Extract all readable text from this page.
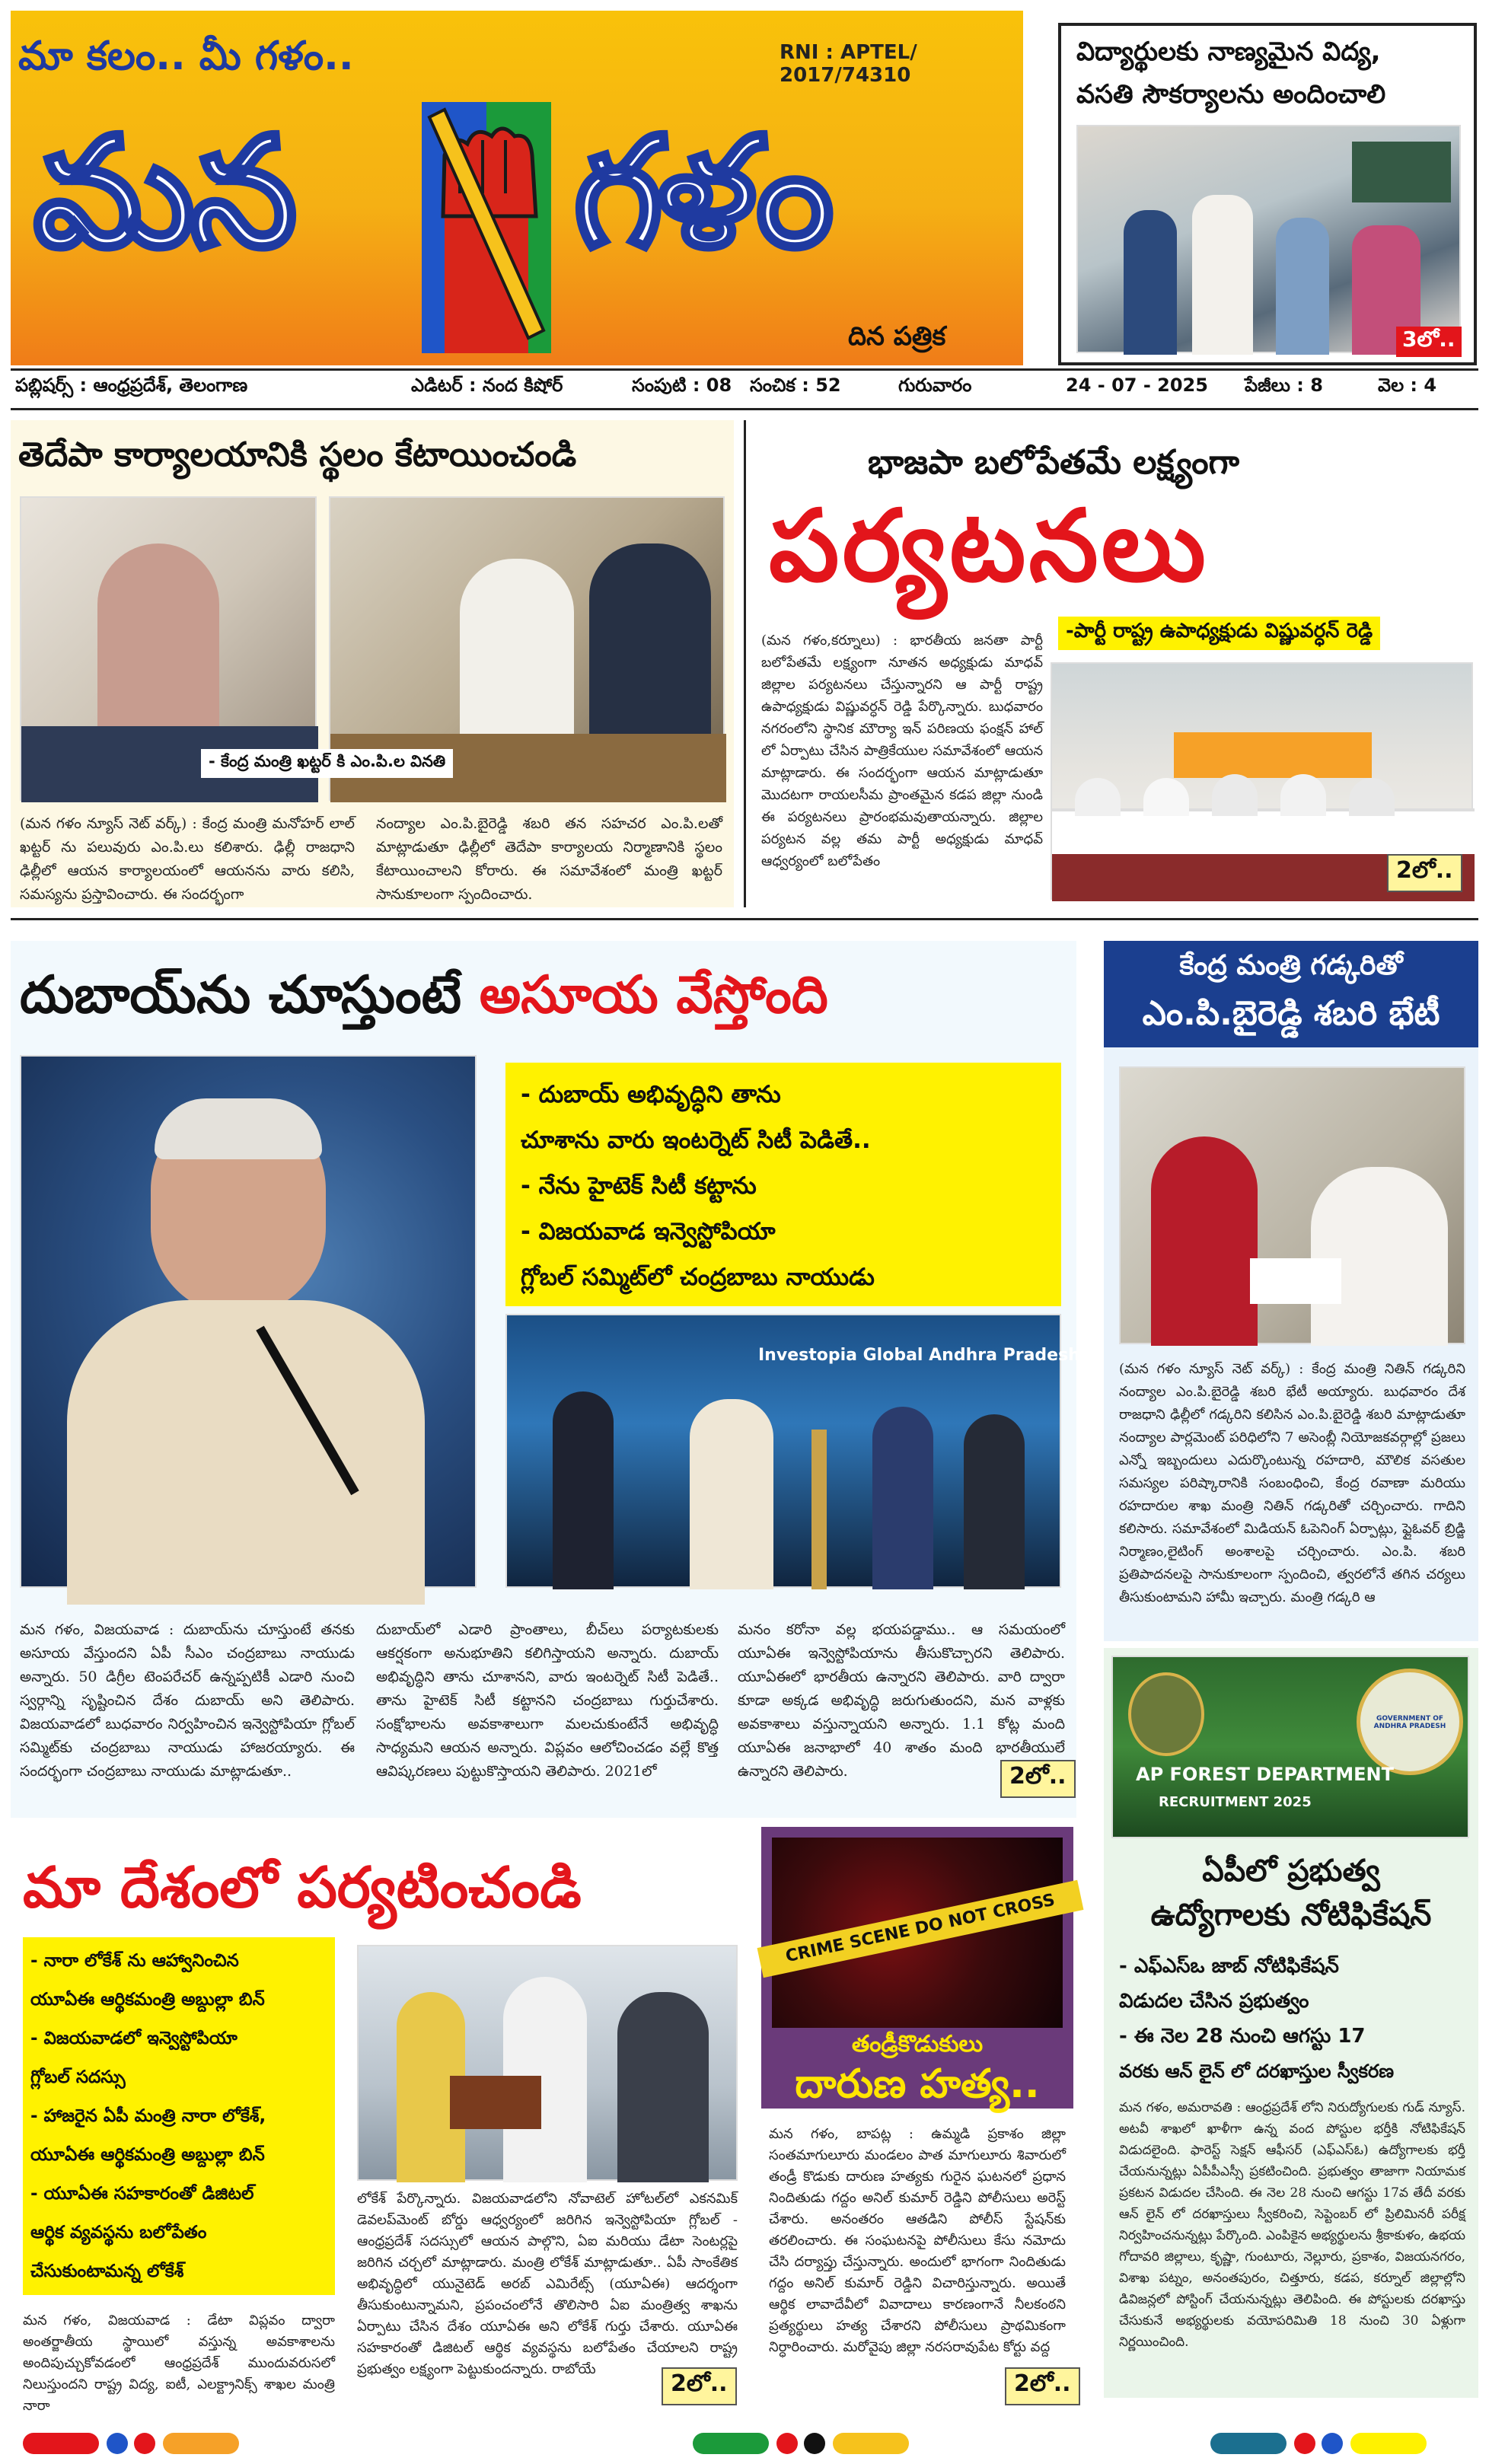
మా కలం.. మీ గళం..	RNI : APTEL/ 2017/74310
మన గళం
దిన పత్రిక
విద్యార్థులకు నాణ్యమైన విద్య,
వసతి సౌకర్యాలను అందించాలి
3లో..
పబ్లిషర్స్ : ఆంధ్రప్రదేశ్, తెలంగాణ	ఎడిటర్ : నంద కిషోర్	సంపుటి : 08 సంచిక : 52	గురువారం	24 - 07 - 2025 పేజీలు : 8	వెల : 4
తెదేపా కార్యాలయానికి స్థలం కేటాయించండి
- కేంద్ర మంత్రి ఖట్టర్ కి ఎం.పి.ల వినతి
(మన గళం న్యూస్ నెట్ వర్క్) : కేంద్ర మంత్రి మనోహర్ లాల్ ఖట్టర్ ను పలువురు ఎం.పి.లు కలిశారు. ఢిల్లీ రాజధాని ఢిల్లీలో ఆయన కార్యాలయంలో ఆయనను వారు కలిసి, సమస్యను ప్రస్తావించారు. ఈ సందర్భంగా
నంద్యాల ఎం.పి.బైరెడ్డి శబరి తన సహచర ఎం.పి.లతో మాట్లాడుతూ ఢిల్లీలో తెదేపా కార్యాలయ నిర్మాణానికి స్థలం కేటాయించాలని కోరారు. ఈ సమావేశంలో మంత్రి ఖట్టర్ సానుకూలంగా స్పందించారు.
భాజపా బలోపేతమే లక్ష్యంగా
పర్యటనలు
-పార్టీ రాష్ట్ర ఉపాధ్యక్షుడు విష్ణువర్ధన్ రెడ్డి
(మన గళం,కర్నూలు) : భారతీయ జనతా పార్టీ బలోపేతమే లక్ష్యంగా నూతన అధ్యక్షుడు మాధవ్ జిల్లాల పర్యటనలు చేస్తున్నారని ఆ పార్టీ రాష్ట్ర ఉపాధ్యక్షుడు విష్ణువర్ధన్ రెడ్డి పేర్కొన్నారు. బుధవారం నగరంలోని స్థానిక మౌర్యా ఇన్ పరిణయ ఫంక్షన్ హాల్ లో ఏర్పాటు చేసిన పాత్రికేయుల సమావేశంలో ఆయన మాట్లాడారు. ఈ సందర్భంగా ఆయన మాట్లాడుతూ మొదటగా రాయలసీమ ప్రాంతమైన కడప జిల్లా నుండి ఈ పర్యటనలు ప్రారంభమవుతాయన్నారు. జిల్లాల పర్యటన వల్ల తమ పార్టీ అధ్యక్షుడు మాధవ్ ఆధ్వర్యంలో బలోపేతం	2లో..
దుబాయ్‌ను చూస్తుంటే అసూయ వేస్తోంది
- దుబాయ్ అభివృద్ధిని తాను
చూశాను వారు ఇంటర్నెట్ సిటీ పెడితే..
- నేను హైటెక్ సిటీ కట్టాను
- విజయవాడ ఇన్వెస్టోపియా
గ్లోబల్ సమ్మిట్‌లో చంద్రబాబు నాయుడు
Investopia Global Andhra Pradesh
మన గళం, విజయవాడ : దుబాయ్‌ను చూస్తుంటే తనకు అసూయ వేస్తుందని ఏపీ సీఎం చంద్రబాబు నాయుడు అన్నారు. 50 డిగ్రీల టెంపరేచర్ ఉన్నప్పటికీ ఎడారి నుంచి స్వర్గాన్ని సృష్టించిన దేశం దుబాయ్ అని తెలిపారు. విజయవాడలో బుధవారం నిర్వహించిన ఇన్వెస్టోపియా గ్లోబల్ సమ్మిట్‌కు చంద్రబాబు నాయుడు హాజరయ్యారు. ఈ సందర్భంగా చంద్రబాబు నాయుడు మాట్లాడుతూ..
దుబాయ్‌లో ఎడారి ప్రాంతాలు, బీచ్‌లు పర్యాటకులకు ఆకర్షకంగా అనుభూతిని కలిగిస్తాయని అన్నారు. దుబాయ్ అభివృద్ధిని తాను చూశానని, వారు ఇంటర్నెట్ సిటీ పెడితే.. తాను హైటెక్ సిటీ కట్టానని చంద్రబాబు గుర్తుచేశారు. సంక్షోభాలను అవకాశాలుగా మలచుకుంటేనే అభివృద్ధి సాధ్యమని ఆయన అన్నారు. విప్లవం ఆలోచించడం వల్లే కొత్త ఆవిష్కరణలు పుట్టుకొస్తాయని తెలిపారు. 2021లో
మనం కరోనా వల్ల భయపడ్డాము.. ఆ సమయంలో యూఏఈ ఇన్వెస్టోపియాను తీసుకొచ్చారని తెలిపారు. యూఏఈలో భారతీయ ఉన్నారని తెలిపారు. వారి ద్వారా కూడా అక్కడ అభివృద్ధి జరుగుతుందని, మన వాళ్లకు అవకాశాలు వస్తున్నాయని అన్నారు. 1.1 కోట్ల మంది యూఏఈ జనాభాలో 40 శాతం మంది భారతీయులే ఉన్నారని తెలిపారు.	2లో..
కేంద్ర మంత్రి గడ్కరితో
ఎం.పి.బైరెడ్డి శబరి భేటీ
(మన గళం న్యూస్ నెట్ వర్క్) : కేంద్ర మంత్రి నితిన్ గడ్కరిని నంద్యాల ఎం.పి.బైరెడ్డి శబరి భేటీ అయ్యారు. బుధవారం దేశ రాజధాని ఢిల్లీలో గడ్కరిని కలిసిన ఎం.పి.బైరెడ్డి శబరి మాట్లాడుతూ నంద్యాల పార్లమెంట్ పరిధిలోని 7 అసెంబ్లీ నియోజకవర్గాల్లో ప్రజలు ఎన్నో ఇబ్బందులు ఎదుర్కొంటున్న రహదారి, మౌలిక వసతుల సమస్యల పరిష్కారానికి సంబంధించి, కేంద్ర రవాణా మరియు రహదారుల శాఖ మంత్రి నితిన్ గడ్కరితో చర్చించారు. గాదిని కలిసారు. సమావేశంలో మిడియన్ ఓపెనింగ్ ఏర్పాట్లు, ఫ్లైఓవర్ బ్రిడ్జి నిర్మాణం,లైటింగ్ అంశాలపై చర్చించారు. ఎం.పి. శబరి ప్రతిపాదనలపై సానుకూలంగా స్పందించి, త్వరలోనే తగిన చర్యలు తీసుకుంటామని హామీ ఇచ్చారు. మంత్రి గడ్కరి ఆ
GOVERNMENT OF ANDHRA PRADESH
AP FOREST DEPARTMENT
RECRUITMENT 2025
ఏపీలో ప్రభుత్వ
ఉద్యోగాలకు నోటిఫికేషన్
- ఎఫ్ఎస్ఒ జాబ్ నోటిఫికేషన్
విడుదల చేసిన ప్రభుత్వం
- ఈ నెల 28 నుంచి ఆగస్టు 17
వరకు ఆన్ లైన్ లో దరఖాస్తుల స్వీకరణ
మన గళం, అమరావతి : ఆంధ్రప్రదేశ్ లోని నిరుద్యోగులకు గుడ్ న్యూస్. అటవీ శాఖలో ఖాళీగా ఉన్న వంద పోస్టుల భర్తీకి నోటిఫికేషన్ విడుదలైంది. ఫారెస్ట్ సెక్షన్ ఆఫీసర్ (ఎఫ్ఎస్ఓ) ఉద్యోగాలకు భర్తీ చేయనున్నట్లు ఏపీపీఎస్సీ ప్రకటించింది. ప్రభుత్వం తాజాగా నియామక ప్రకటన విడుదల చేసింది. ఈ నెల 28 నుంచి ఆగస్టు 17వ తేదీ వరకు ఆన్ లైన్ లో దరఖాస్తులు స్వీకరించి, సెప్టెంబర్ లో ప్రిలిమినరీ పరీక్ష నిర్వహించనున్నట్లు పేర్కొంది. ఎంపికైన అభ్యర్థులను శ్రీకాకుళం, ఉభయ గోదావరి జిల్లాలు, కృష్ణా, గుంటూరు, నెల్లూరు, ప్రకాశం, విజయనగరం, విశాఖ పట్నం, అనంతపురం, చిత్తూరు, కడప, కర్నూల్ జిల్లాల్లోని డివిజన్లలో పోస్టింగ్ చేయనున్నట్లు తెలిపింది. ఈ పోస్టులకు దరఖాస్తు చేసుకునే అభ్యర్థులకు వయోపరిమితి 18 నుంచి 30 ఏళ్లుగా నిర్ణయించింది.
మా దేశంలో పర్యటించండి
- నారా లోకేశ్ ను ఆహ్వానించిన
యూఏఈ ఆర్థికమంత్రి అబ్దుల్లా బిన్
- విజయవాడలో ఇన్వెస్టోపియా
గ్లోబల్ సదస్సు
- హాజరైన ఏపీ మంత్రి నారా లోకేశ్,
యూఏఈ ఆర్థికమంత్రి అబ్దుల్లా బిన్
- యూఏఈ సహకారంతో డిజిటల్
ఆర్థిక వ్యవస్థను బలోపేతం
చేసుకుంటామన్న లోకేశ్
మన గళం, విజయవాడ : డేటా విప్లవం ద్వారా అంతర్జాతీయ స్థాయిలో వస్తున్న అవకాశాలను అందిపుచ్చుకోవడంలో ఆంధ్రప్రదేశ్ ముందువరుసలో నిలుస్తుందని రాష్ట్ర విద్య, ఐటీ, ఎలక్ట్రానిక్స్ శాఖల మంత్రి నారా
లోకేశ్ పేర్కొన్నారు. విజయవాడలోని నోవాటెల్ హోటల్‌లో ఎకనమిక్ డెవలప్‌మెంట్ బోర్డు ఆధ్వర్యంలో జరిగిన ఇన్వెస్టోపియా గ్లోబల్ - ఆంధ్రప్రదేశ్ సదస్సులో ఆయన పాల్గొని, ఏఐ మరియు డేటా సెంటర్లపై జరిగిన చర్చలో మాట్లాడారు. మంత్రి లోకేశ్ మాట్లాడుతూ.. ఏపీ సాంకేతిక అభివృద్ధిలో యునైటెడ్ అరబ్ ఎమిరేట్స్ (యూఏఈ) ఆదర్శంగా తీసుకుంటున్నామని, ప్రపంచంలోనే తొలిసారి ఏఐ మంత్రిత్వ శాఖను ఏర్పాటు చేసిన దేశం యూఏఈ అని లోకేశ్ గుర్తు చేశారు. యూఏఈ సహకారంతో డిజిటల్ ఆర్థిక వ్యవస్థను బలోపేతం చేయాలని రాష్ట్ర ప్రభుత్వం లక్ష్యంగా పెట్టుకుందన్నారు. రాబోయే
2లో..
CRIME SCENE DO NOT CROSS
తండ్రీకొడుకులు
దారుణ హత్య..
మన గళం, బాపట్ల : ఉమ్మడి ప్రకాశం జిల్లా సంతమాగులూరు మండలం పాత మాగులూరు శివారులో తండ్రీ కొడుకు దారుణ హత్యకు గురైన ఘటనలో ప్రధాన నిందితుడు గద్దం అనిల్ కుమార్ రెడ్డిని పోలీసులు అరెస్ట్ చేశారు. అనంతరం ఆతడిని పోలీస్ స్టేషన్‌కు తరలించారు. ఈ సంఘటనపై పోలీసులు కేసు నమోదు చేసి దర్యాప్తు చేస్తున్నారు. అందులో భాగంగా నిందితుడు గద్దం అనిల్ కుమార్ రెడ్డిని విచారిస్తున్నారు. అయితే ఆర్థిక లావాదేవీలో వివాదాలు కారణంగానే నీలకంఠని ప్రత్యర్థులు హత్య చేశారని పోలీసులు ప్రాథమికంగా నిర్ధారించారు. మరోవైపు జిల్లా నరసరావుపేట కోర్టు వద్ద
2లో..
